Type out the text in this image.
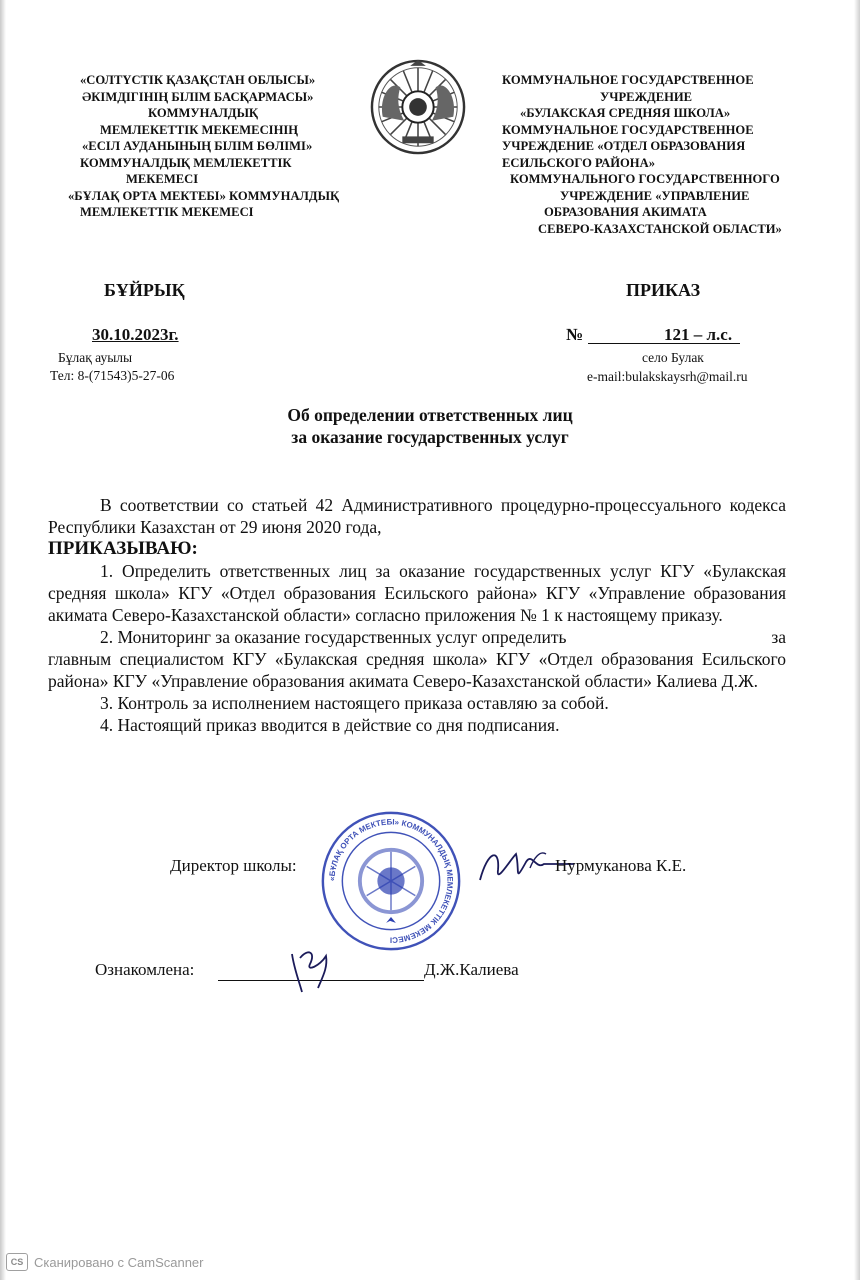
«СОЛТҮСТІК ҚАЗАҚСТАН ОБЛЫСЫ»
ӘКІМДІГІНІҢ БІЛІМ БАСҚАРМАСЫ»
КОММУНАЛДЫҚ
МЕМЛЕКЕТТІК МЕКЕМЕСІНІҢ
«ЕСІЛ АУДАНЫНЫҢ БІЛІМ БӨЛІМІ»
КОММУНАЛДЫҚ МЕМЛЕКЕТТІК
МЕКЕМЕСІ
«БҰЛАҚ ОРТА МЕКТЕБІ» КОММУНАЛДЫҚ
МЕМЛЕКЕТТІК МЕКЕМЕСІ
КОММУНАЛЬНОЕ ГОСУДАРСТВЕННОЕ
УЧРЕЖДЕНИЕ
«БУЛАКСКАЯ СРЕДНЯЯ ШКОЛА»
КОММУНАЛЬНОЕ ГОСУДАРСТВЕННОЕ
УЧРЕЖДЕНИЕ «ОТДЕЛ ОБРАЗОВАНИЯ
ЕСИЛЬСКОГО РАЙОНА»
КОММУНАЛЬНОГО ГОСУДАРСТВЕННОГО
УЧРЕЖДЕНИЕ «УПРАВЛЕНИЕ
ОБРАЗОВАНИЯ АКИМАТА
СЕВЕРО-КАЗАХСТАНСКОЙ ОБЛАСТИ»
БҰЙРЫҚ	ПРИКАЗ
30.10.2023г.
Бұлақ ауылы
Тел: 8-(71543)5-27-06
№	121 – л.с.
село Булак
e-mail:bulakskaysrh@mail.ru
Об определении ответственных лиц
за оказание государственных услуг

В соответствии со статьей 42 Административного процедурно-процессуального кодекса Республики Казахстан от 29 июня 2020 года,

ПРИКАЗЫВАЮ:

1. Определить ответственных лиц за оказание государственных услуг КГУ «Булакская средняя школа» КГУ «Отдел образования Есильского района» КГУ «Управление образования акимата Северо-Казахстанской области» согласно приложения № 1 к настоящему приказу.

2. Мониторинг за оказание государственных услуг определить	за

главным специалистом КГУ «Булакская средняя школа» КГУ «Отдел образования Есильского района» КГУ «Управление образования акимата Северо-Казахстанской области» Калиева Д.Ж.

3. Контроль за исполнением настоящего приказа оставляю за собой.

4. Настоящий приказ вводится в действие со дня подписания.

Директор школы:	Нурмуканова К.Е.
«БҰЛАҚ ОРТА МЕКТЕБІ» КОММУНАЛДЫҚ МЕМЛЕКЕТТІК МЕКЕМЕСІ
Ознакомлена:	Д.Ж.Калиева
CS Сканировано с CamScanner
